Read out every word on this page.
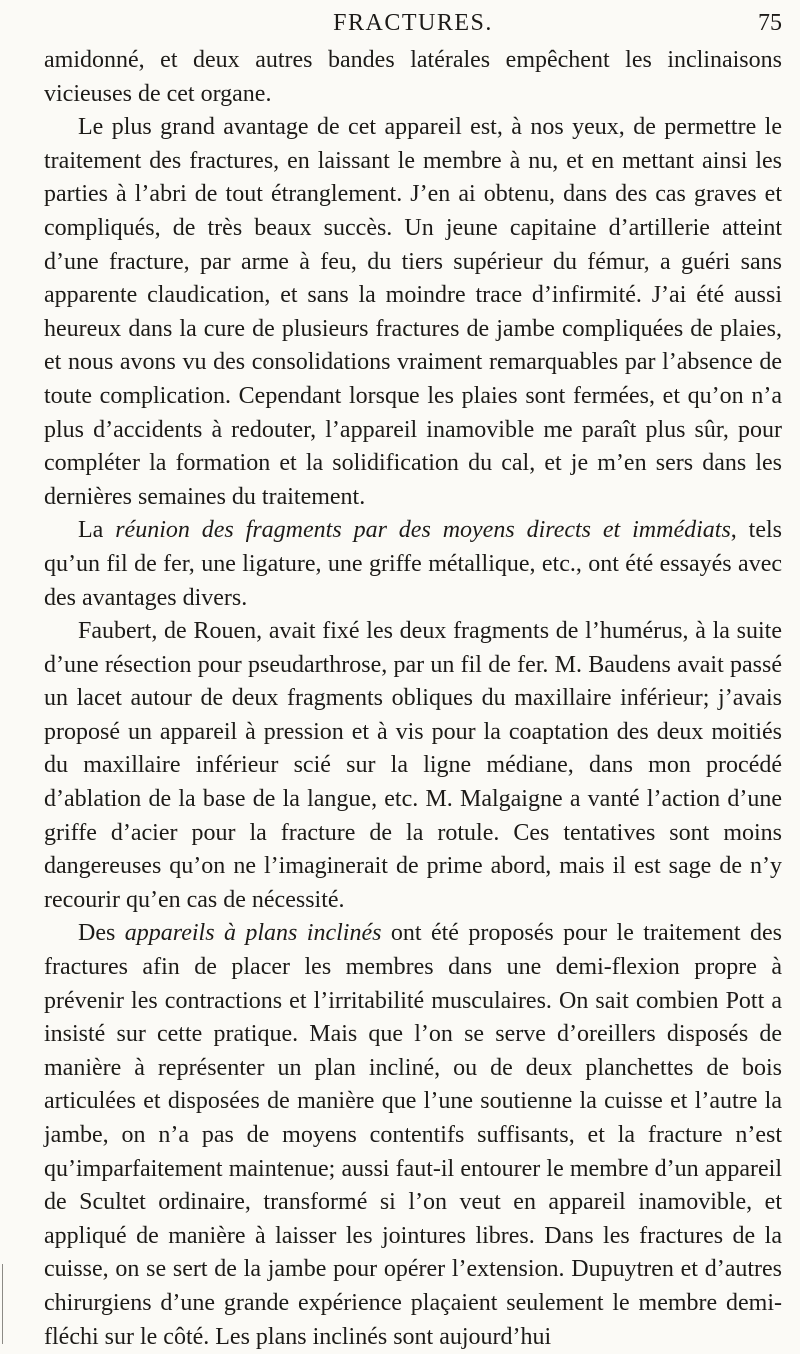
FRACTURES.	75

amidonné, et deux autres bandes latérales empêchent les inclinaisons vicieuses de cet organe.

Le plus grand avantage de cet appareil est, à nos yeux, de permettre le traitement des fractures, en laissant le membre à nu, et en mettant ainsi les parties à l’abri de tout étranglement. J’en ai obtenu, dans des cas graves et compliqués, de très beaux succès. Un jeune capitaine d’artillerie atteint d’une fracture, par arme à feu, du tiers supérieur du fémur, a guéri sans apparente claudication, et sans la moindre trace d’infirmité. J’ai été aussi heureux dans la cure de plusieurs fractures de jambe compliquées de plaies, et nous avons vu des consolidations vraiment remarquables par l’absence de toute complication. Cependant lorsque les plaies sont fermées, et qu’on n’a plus d’accidents à redouter, l’appareil inamovible me paraît plus sûr, pour compléter la formation et la solidification du cal, et je m’en sers dans les dernières semaines du traitement.

La réunion des fragments par des moyens directs et immédiats, tels qu’un fil de fer, une ligature, une griffe métallique, etc., ont été essayés avec des avantages divers.

Faubert, de Rouen, avait fixé les deux fragments de l’humérus, à la suite d’une résection pour pseudarthrose, par un fil de fer. M. Baudens avait passé un lacet autour de deux fragments obliques du maxillaire inférieur; j’avais proposé un appareil à pression et à vis pour la coaptation des deux moitiés du maxillaire inférieur scié sur la ligne médiane, dans mon procédé d’ablation de la base de la langue, etc. M. Malgaigne a vanté l’action d’une griffe d’acier pour la fracture de la rotule. Ces tentatives sont moins dangereuses qu’on ne l’imaginerait de prime abord, mais il est sage de n’y recourir qu’en cas de nécessité.

Des appareils à plans inclinés ont été proposés pour le traitement des fractures afin de placer les membres dans une demi-flexion propre à prévenir les contractions et l’irritabilité musculaires. On sait combien Pott a insisté sur cette pratique. Mais que l’on se serve d’oreillers disposés de manière à représenter un plan incliné, ou de deux planchettes de bois articulées et disposées de manière que l’une soutienne la cuisse et l’autre la jambe, on n’a pas de moyens contentifs suffisants, et la fracture n’est qu’imparfaitement maintenue; aussi faut-il entourer le membre d’un appareil de Scultet ordinaire, transformé si l’on veut en appareil inamovible, et appliqué de manière à laisser les jointures libres. Dans les fractures de la cuisse, on se sert de la jambe pour opérer l’extension. Dupuytren et d’autres chirurgiens d’une grande expérience plaçaient seulement le membre demi-fléchi sur le côté. Les plans inclinés sont aujourd’hui
